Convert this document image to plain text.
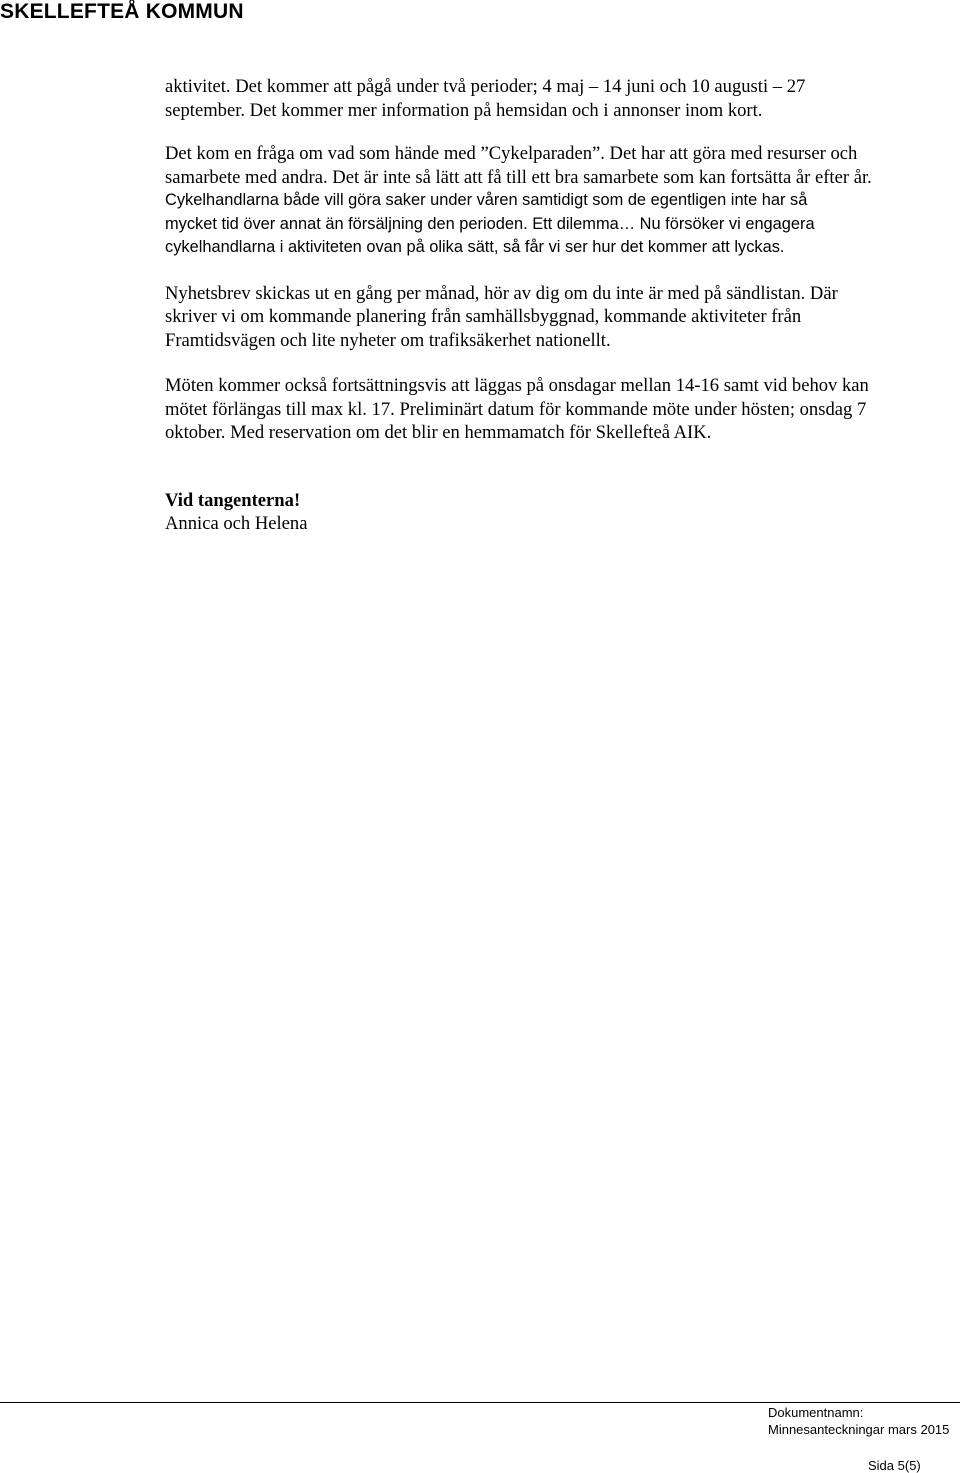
SKELLEFTEÅ KOMMUN
aktivitet. Det kommer att pågå under två perioder; 4 maj – 14 juni och 10 augusti – 27
september. Det kommer mer information på hemsidan och i annonser inom kort.
Det kom en fråga om vad som hände med ”Cykelparaden”. Det har att göra med resurser och
samarbete med andra. Det är inte så lätt att få till ett bra samarbete som kan fortsätta år efter år.
Cykelhandlarna både vill göra saker under våren samtidigt som de egentligen inte har så
mycket tid över annat än försäljning den perioden. Ett dilemma… Nu försöker vi engagera
cykelhandlarna i aktiviteten ovan på olika sätt, så får vi ser hur det kommer att lyckas.
Nyhetsbrev skickas ut en gång per månad, hör av dig om du inte är med på sändlistan. Där
skriver vi om kommande planering från samhällsbyggnad, kommande aktiviteter från
Framtidsvägen och lite nyheter om trafiksäkerhet nationellt.
Möten kommer också fortsättningsvis att läggas på onsdagar mellan 14-16 samt vid behov kan
mötet förlängas till max kl. 17. Preliminärt datum för kommande möte under hösten; onsdag 7
oktober. Med reservation om det blir en hemmamatch för Skellefteå AIK.
Vid tangenterna!
Annica och Helena
Dokumentnamn:
Minnesanteckningar mars 2015
Sida 5(5)
